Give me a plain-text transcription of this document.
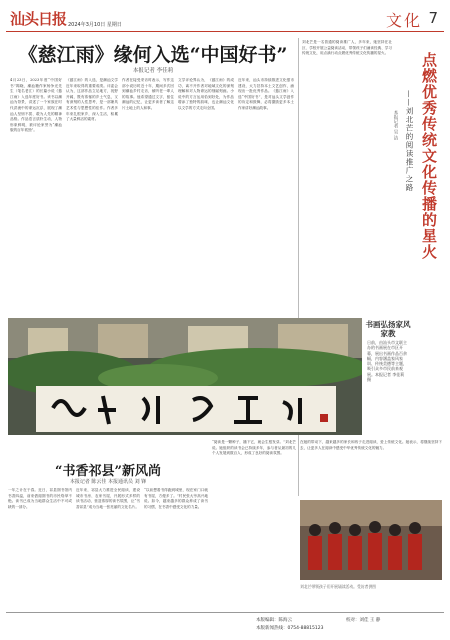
汕头日报 2024年3月10日 星期日	文化 7
《慈江雨》缘何入选“中国好书”
本报记者 李佳莉
4月23日，2023年度“中国好书”揭晓，潮汕籍作家杨争光先生（笔名老江）的长篇小说《慈江雨》入选年度好书。该书以潮汕为背景，讲述了一个家族在时代洪流中的命运沉浮，展现了潮汕人坚韧不拔、敢为人先的精神品格。作品语言质朴生动，人物形象鲜明，被评论家誉为“潮汕版的百年孤独”。
《慈江雨》的入选，是潮汕文学近年来取得的重要成绩。评委会认为，这部作品立足地方，视野开阔，既有浓郁的乡土气息，又有深刻的人性思考，是一部兼具艺术性与思想性的佳作。作者多年来扎根家乡，深入生活，积累了大量鲜活的素材。
作者在接受采访时表示，写作这部小说历时近十年，期间多次回到潮汕乡村走访，倾听老一辈人的故事。他希望通过文字，留住潮汕的记忆，让更多读者了解这片土地上的人和事。
文学评论界认为，《慈江雨》的成功，离不开作者对地域文化的深刻理解和对人物命运的细腻刻画。小说中的方言运用恰到好处，为作品增添了独特的韵味，也让潮汕文化以文学的方式走向全国。
近年来，汕头市持续推进文化强市建设，大力扶持本土文艺创作，涌现出一批优秀作品。《慈江雨》入选“中国好书”，是对汕头文学创作的肯定和鼓舞，必将激励更多本土作家讲好潮汕故事。
刘北芒是一名普通的阅读推广人，多年来，她坚持在社区、学校开展公益阅读活动，带领孩子们诵读经典、学习传统文化，用点滴行动点燃优秀传统文化传播的星火。 点燃优秀传统文化传播的星火
——刘北芒的阅读推广之路
本报记者 吴 洁
书画弘扬家风家教
日前，由汕头市文联主办的书画展在市区开幕，展出书画作品百余幅，内容涵盖家风家训、传统美德等主题，吸引众多市民前来观展。本报记者 李佳莉 摄
“书香祁县”新风尚
本报记者 陈云佳 本报通讯员 刘 锋
一年之计在于春。近日，祁县图书馆内书香四溢，前来借阅图书的市民络绎不绝。读书已成为当地群众生活中不可或缺的一部分。
近年来，祁县大力推进全民阅读，建设城市书房、农家书屋，开展形式多样的读书活动，营造浓厚的读书氛围，让“书香祁县”成为当地一张亮丽的文化名片。
“以前想看书得跑到城里，现在家门口就有书屋，方便多了。”村民张大爷高兴地说。如今，越来越多的群众养成了读书的习惯，在书香中感受文化的力量。
“阅读是一颗种子，播下它，就会生根发芽。”刘北芒说。她组织的读书会已持续多年，参与者从最初的几个人发展到数百人，形成了良好的阅读氛围。
在她的带动下，越来越多的家长和孩子走进阅读，爱上传统文化。她表示，将继续坚持下去，让更多人在阅读中感受中华优秀传统文化的魅力。
刘北芒带领孩子们开展诵读活动。受访者供图
本版编辑：陈海云	校对：刘佳 王 静
本版新闻热线：0754-88815123
